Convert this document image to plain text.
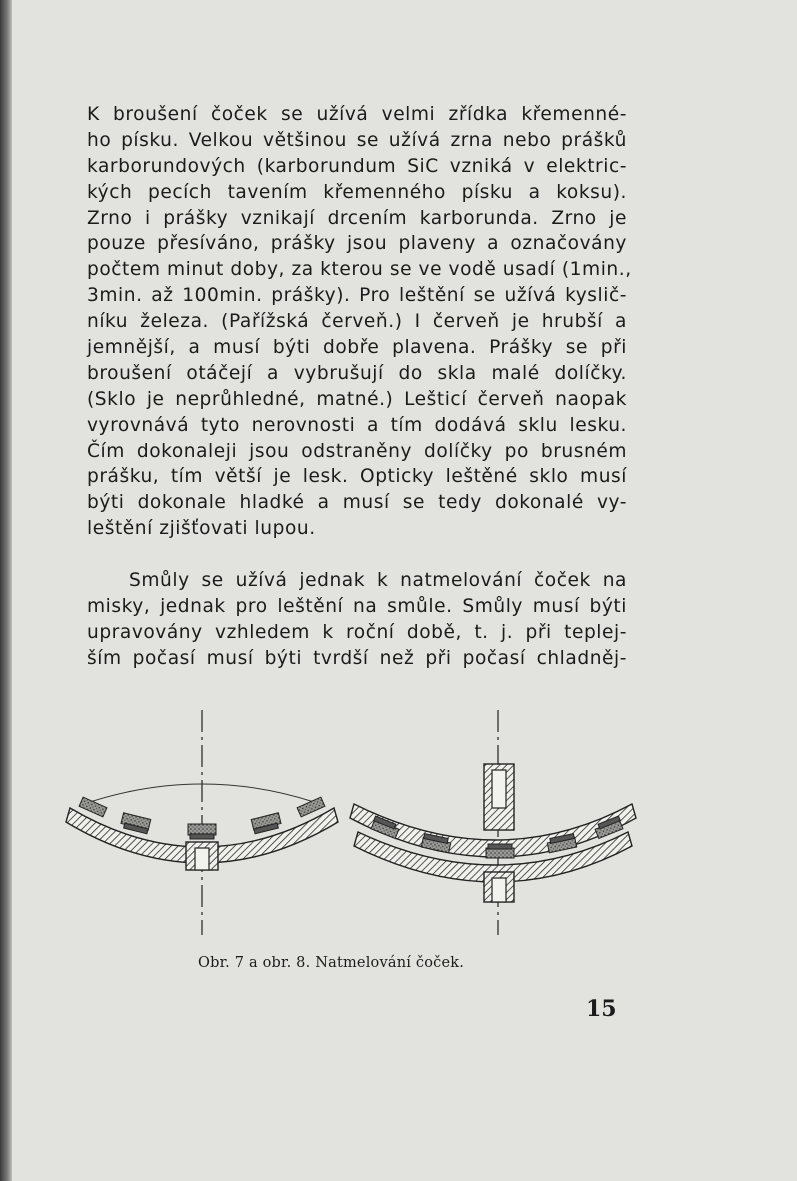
K broušení čoček se užívá velmi zřídka křemenné-
ho písku. Velkou většinou se užívá zrna nebo prášků
karborundových (karborundum SiC vzniká v elektric-
kých pecích tavením křemenného písku a koksu).
Zrno i prášky vznikají drcením karborunda. Zrno je
pouze přesíváno, prášky jsou plaveny a označovány
počtem minut doby, za kterou se ve vodě usadí (1min.,
3min. až 100min. prášky). Pro leštění se užívá kyslič-
níku železa. (Pařížská červeň.) I červeň je hrubší a
jemnější, a musí býti dobře plavena. Prášky se při
broušení otáčejí a vybrušují do skla malé dolíčky.
(Sklo je neprůhledné, matné.) Lešticí červeň naopak
vyrovnává tyto nerovnosti a tím dodává sklu lesku.
Čím dokonaleji jsou odstraněny dolíčky po brusném
prášku, tím větší je lesk. Opticky leštěné sklo musí
býti dokonale hladké a musí se tedy dokonalé vy-
leštění zjišťovati lupou.
Smůly se užívá jednak k natmelování čoček na
misky, jednak pro leštění na smůle. Smůly musí býti
upravovány vzhledem k roční době, t. j. při teplej-
ším počasí musí býti tvrdší než při počasí chladněj-
Obr. 7 a obr. 8. Natmelování čoček.
15
